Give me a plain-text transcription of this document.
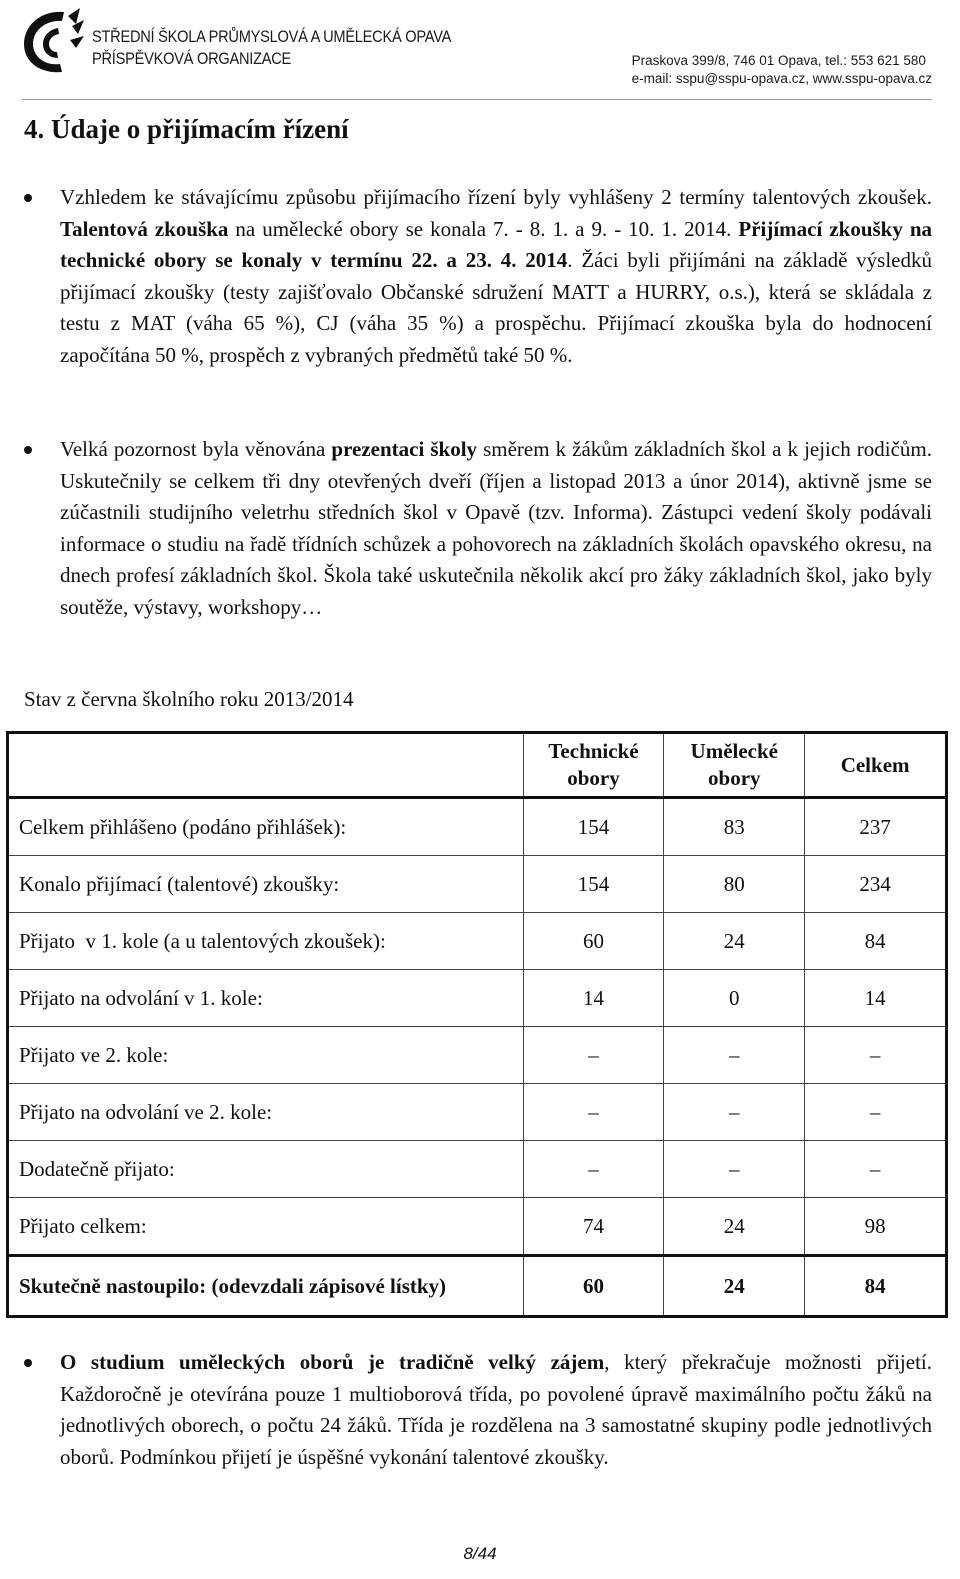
STŘEDNÍ ŠKOLA PRŮMYSLOVÁ A UMĚLECKÁ OPAVA
PŘÍSPĚVKOVÁ ORGANIZACE	Praskova 399/8, 746 01 Opava, tel.: 553 621 580
e-mail: sspu@sspu-opava.cz, www.sspu-opava.cz
4. Údaje o přijímacím řízení

Vzhledem ke stávajícímu způsobu přijímacího řízení byly vyhlášeny 2 termíny talentových zkoušek. Talentová zkouška na umělecké obory se konala 7. - 8. 1. a 9. - 10. 1. 2014. Přijímací zkoušky na technické obory se konaly v termínu 22. a 23. 4. 2014. Žáci byli přijímáni na základě výsledků přijímací zkoušky (testy zajišťovalo Občanské sdružení MATT a HURRY, o.s.), která se skládala z testu z MAT (váha 65 %), CJ (váha 35 %) a prospěchu. Přijímací zkouška byla do hodnocení započítána 50 %, prospěch z vybraných předmětů také 50 %.

Velká pozornost byla věnována prezentaci školy směrem k žákům základních škol a k jejich rodičům. Uskutečnily se celkem tři dny otevřených dveří (říjen a listopad 2013 a únor 2014), aktivně jsme se zúčastnili studijního veletrhu středních škol v Opavě (tzv. Informa). Zástupci vedení školy podávali informace o studiu na řadě třídních schůzek a pohovorech na základních školách opavského okresu, na dnech profesí základních škol. Škola také uskutečnila několik akcí pro žáky základních škol, jako byly soutěže, výstavy, workshopy…

Stav z června školního roku 2013/2014
	Technické obory	Umělecké obory	Celkem
Celkem přihlášeno (podáno přihlášek):	154	83	237
Konalo přijímací (talentové) zkoušky:	154	80	234
Přijato  v 1. kole (a u talentových zkoušek):	60	24	84
Přijato na odvolání v 1. kole:	14	0	14
Přijato ve 2. kole:	–	–	–
Přijato na odvolání ve 2. kole:	–	–	–
Dodatečně přijato:	–	–	–
Přijato celkem:	74	24	98
Skutečně nastoupilo: (odevzdali zápisové lístky)	60	24	84

O studium uměleckých oborů je tradičně velký zájem, který překračuje možnosti přijetí. Každoročně je otevírána pouze 1 multioborová třída, po povolené úpravě maximálního počtu žáků na jednotlivých oborech, o počtu 24 žáků. Třída je rozdělena na 3 samostatné skupiny podle jednotlivých oborů. Podmínkou přijetí je úspěšné vykonání talentové zkoušky.

8/44
